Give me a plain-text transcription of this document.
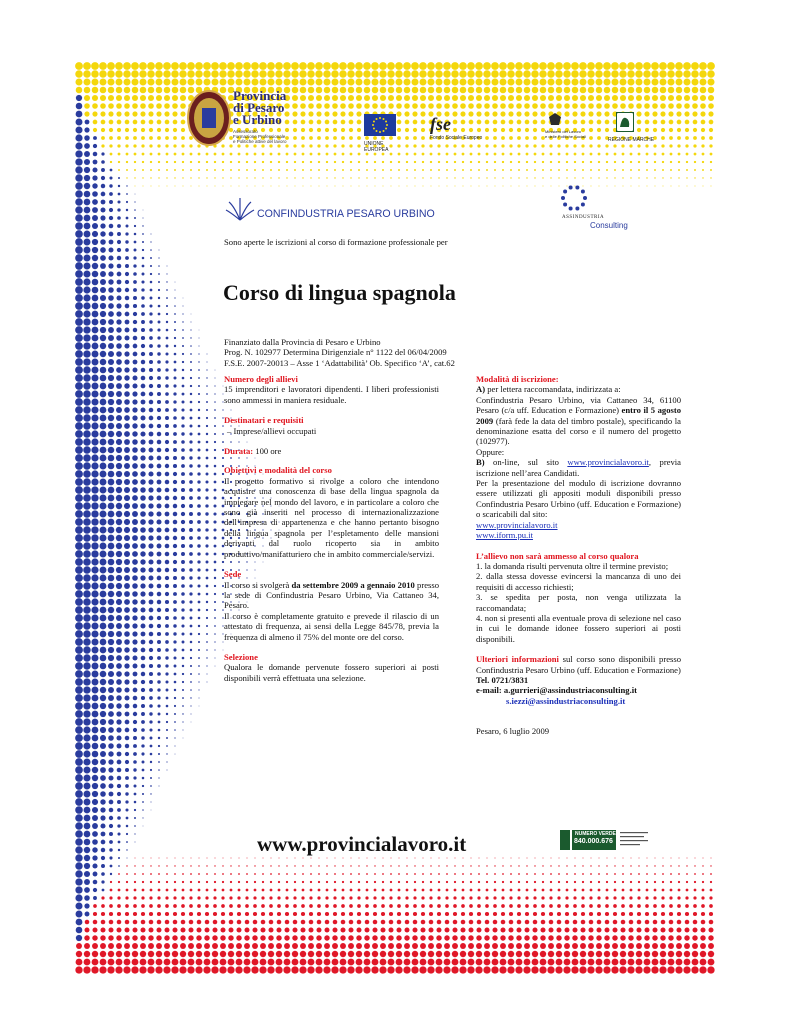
Provincia
di Pesaro
e Urbino
Assessorato
Formazione Professionale
e Politiche attive del lavoro	UNIONE EUROPEA
fse
Fondo Sociale Europeo
Ministero del Lavoro
e delle Politiche Sociali
REGIONE MARCHE
CONFINDUSTRIA PESARO URBINO	ASSINDUSTRIA
Consulting
Sono aperte le iscrizioni al corso di formazione professionale per
Corso di lingua spagnola
Finanziato dalla Provincia di Pesaro e Urbino
Prog. N. 102977 Determina Dirigenziale n° 1122 del 06/04/2009
F.S.E. 2007-20013 – Asse 1 ‘Adattabilità’ Ob. Specifico ‘A’, cat.62
Numero degli allievi
15 imprenditori e lavoratori dipendenti. I liberi professionisti sono ammessi in maniera residuale.
Destinatari e requisiti
– Imprese/allievi occupati
Durata: 100 ore
Obiettivi e modalità del corso
Il progetto formativo si rivolge a coloro che intendono acquisire una conoscenza di base della lingua spagnola da impiegare nel mondo del lavoro, e in particolare a coloro che sono già inseriti nel processo di internazionalizzazione dell’impresa di appartenenza e che hanno pertanto bisogno della lingua spagnola per l’espletamento delle mansioni derivanti dal ruolo ricoperto sia in ambito produttivo/manifatturiero che in ambito commerciale/servizi.
Sede
Il corso si svolgerà da settembre 2009 a gennaio 2010 presso la sede di Confindustria Pesaro Urbino, Via Cattaneo 34, Pesaro.
Il corso è completamente gratuito e prevede il rilascio di un attestato di frequenza, ai sensi della Legge 845/78, previa la frequenza di almeno il 75% del monte ore del corso.
Selezione
Qualora le domande pervenute fossero superiori ai posti disponibili verrà effettuata una selezione.
Modalità di iscrizione:
A) per lettera raccomandata, indirizzata a:
Confindustria Pesaro Urbino, via Cattaneo 34, 61100 Pesaro (c/a uff. Education e Formazione) entro il 5 agosto 2009 (farà fede la data del timbro postale), specificando la denominazione esatta del corso e il numero del progetto (102977).
Oppure:
B) on-line, sul sito www.provincialavoro.it, previa iscrizione nell’area Candidati.
Per la presentazione del modulo di iscrizione dovranno essere utilizzati gli appositi moduli disponibili presso Confindustria Pesaro Urbino (uff. Education e Formazione) o scaricabili dal sito:
www.provincialavoro.it
www.iform.pu.it
L’allievo non sarà ammesso al corso qualora
1. la domanda risulti pervenuta oltre il termine previsto;
2. dalla stessa dovesse evincersi la mancanza di uno dei requisiti di accesso richiesti;
3. se spedita per posta, non venga utilizzata la raccomandata;
4. non si presenti alla eventuale prova di selezione nel caso in cui le domande idonee fossero superiori ai posti disponibili.
Ulteriori informazioni sul corso sono disponibili presso Confindustria Pesaro Urbino (uff. Education e Formazione)
Tel. 0721/3831
e-mail: a.gurrieri@assindustriaconsulting.it
s.iezzi@assindustriaconsulting.it
Pesaro, 6 luglio 2009
www.provincialavoro.it	NUMERO VERDE
840.000.676
